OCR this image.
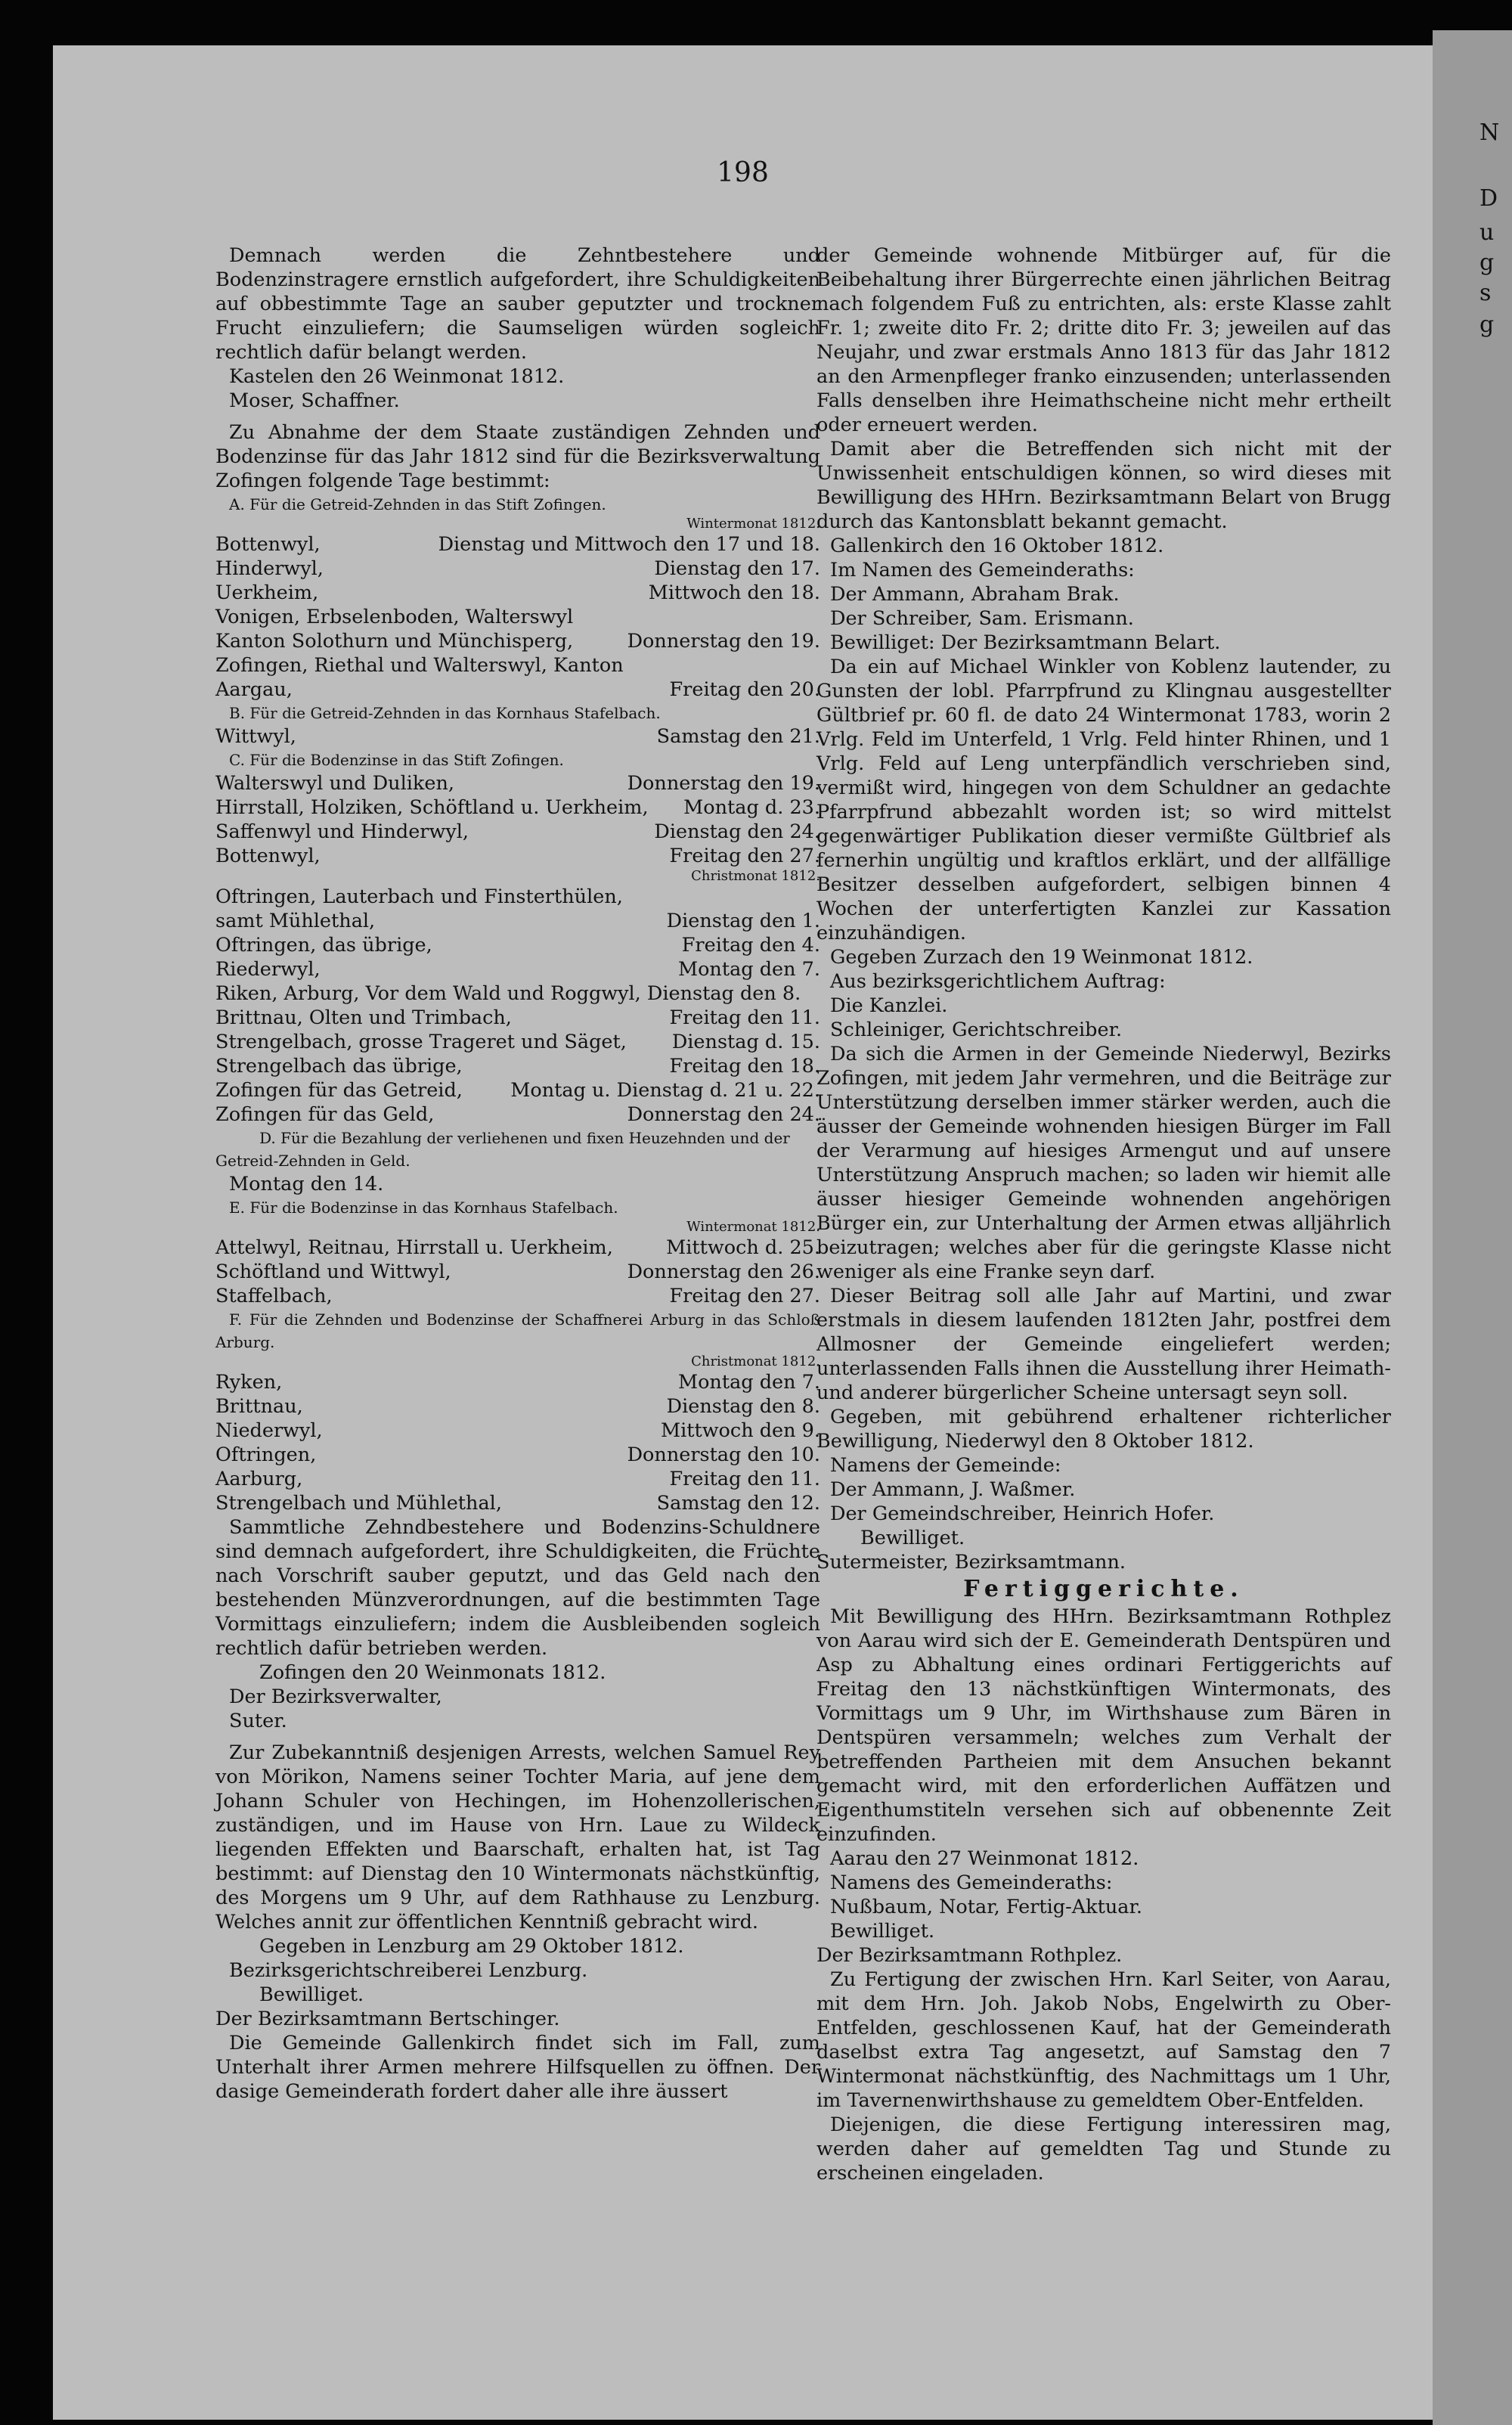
198

Demnach werden die Zehntbestehere und Bodenzinstragere ernstlich aufgefordert, ihre Schuldigkeiten auf obbestimmte Tage an sauber geputzter und trockner Frucht einzuliefern; die Saumseligen würden sogleich rechtlich dafür belangt werden.

Kastelen den 26 Weinmonat 1812.

Moser, Schaffner.

Zu Abnahme der dem Staate zuständigen Zehnden und Bodenzinse für das Jahr 1812 sind für die Bezirksverwaltung Zofingen folgende Tage bestimmt:

A. Für die Getreid-Zehnden in das Stift Zofingen.

Wintermonat 1812.
Bottenwyl,	Dienstag und Mittwoch den 17 und 18.
Hinderwyl,	Dienstag den 17.
Uerkheim,	Mittwoch den 18.
Vonigen, Erbselenboden, Walterswyl Kanton Solothurn und Münchisperg,	Donnerstag den 19.
Zofingen, Riethal und Walterswyl, Kanton Aargau,	Freitag den 20.

B. Für die Getreid-Zehnden in das Kornhaus Stafelbach.

Wittwyl,	Samstag den 21.

C. Für die Bodenzinse in das Stift Zofingen.

Walterswyl und Duliken,	Donnerstag den 19.
Hirrstall, Holziken, Schöftland u. Uerkheim, Montag d. 23.
Saffenwyl und Hinderwyl,	Dienstag den 24.
Bottenwyl,	Freitag den 27.
Christmonat 1812.
Oftringen, Lauterbach und Finsterthülen, samt Mühlethal,	Dienstag den 1.
Oftringen, das übrige,	Freitag den 4.
Riederwyl,	Montag den 7.
Riken, Arburg, Vor dem Wald und Roggwyl, Dienstag den 8.
Brittnau, Olten und Trimbach,	Freitag den 11.
Strengelbach, grosse Trageret und Säget, Dienstag d. 15.
Strengelbach das übrige,	Freitag den 18.
Zofingen für das Getreid, Montag u. Dienstag d. 21 u. 22.
Zofingen für das Geld,	Donnerstag den 24.

D. Für die Bezahlung der verliehenen und fixen Heuzehnden und der Getreid-Zehnden in Geld.

Montag den 14.

E. Für die Bodenzinse in das Kornhaus Stafelbach.

Wintermonat 1812.
Attelwyl, Reitnau, Hirrstall u. Uerkheim,	Mittwoch d. 25.
Schöftland und Wittwyl,	Donnerstag den 26.
Staffelbach,	Freitag den 27.

F. Für die Zehnden und Bodenzinse der Schaffnerei Arburg in das Schloß Arburg.

Christmonat 1812.
Ryken,	Montag den 7.
Brittnau,	Dienstag den 8.
Niederwyl,	Mittwoch den 9.
Oftringen,	Donnerstag den 10.
Aarburg,	Freitag den 11.
Strengelbach und Mühlethal,	Samstag den 12.

Sammtliche Zehndbestehere und Bodenzins-Schuldnere sind demnach aufgefordert, ihre Schuldigkeiten, die Früchte nach Vorschrift sauber geputzt, und das Geld nach den bestehenden Münzverordnungen, auf die bestimmten Tage Vormittags einzuliefern; indem die Ausbleibenden sogleich rechtlich dafür betrieben werden.

Zofingen den 20 Weinmonats 1812.

Der Bezirksverwalter,

Suter.

Zur Zubekanntniß desjenigen Arrests, welchen Samuel Rey von Mörikon, Namens seiner Tochter Maria, auf jene dem Johann Schuler von Hechingen, im Hohenzollerischen, zuständigen, und im Hause von Hrn. Laue zu Wildeck liegenden Effekten und Baarschaft, erhalten hat, ist Tag bestimmt: auf Dienstag den 10 Wintermonats nächstkünftig, des Morgens um 9 Uhr, auf dem Rathhause zu Lenzburg. Welches annit zur öffentlichen Kenntniß gebracht wird.

Gegeben in Lenzburg am 29 Oktober 1812.

Bezirksgerichtschreiberei Lenzburg.

Bewilliget.

Der Bezirksamtmann Bertschinger.

Die Gemeinde Gallenkirch findet sich im Fall, zum Unterhalt ihrer Armen mehrere Hilfsquellen zu öffnen. Der dasige Gemeinderath fordert daher alle ihre äussert

der Gemeinde wohnende Mitbürger auf, für die Beibehaltung ihrer Bürgerrechte einen jährlichen Beitrag nach folgendem Fuß zu entrichten, als: erste Klasse zahlt Fr. 1; zweite dito Fr. 2; dritte dito Fr. 3; jeweilen auf das Neujahr, und zwar erstmals Anno 1813 für das Jahr 1812 an den Armenpfleger franko einzusenden; unterlassenden Falls denselben ihre Heimathscheine nicht mehr ertheilt oder erneuert werden.

Damit aber die Betreffenden sich nicht mit der Unwissenheit entschuldigen können, so wird dieses mit Bewilligung des HHrn. Bezirksamtmann Belart von Brugg durch das Kantonsblatt bekannt gemacht.

Gallenkirch den 16 Oktober 1812.

Im Namen des Gemeinderaths:

Der Ammann, Abraham Brak.

Der Schreiber, Sam. Erismann.

Bewilliget: Der Bezirksamtmann Belart.

Da ein auf Michael Winkler von Koblenz lautender, zu Gunsten der lobl. Pfarrpfrund zu Klingnau ausgestellter Gültbrief pr. 60 fl. de dato 24 Wintermonat 1783, worin 2 Vrlg. Feld im Unterfeld, 1 Vrlg. Feld hinter Rhinen, und 1 Vrlg. Feld auf Leng unterpfändlich verschrieben sind, vermißt wird, hingegen von dem Schuldner an gedachte Pfarrpfrund abbezahlt worden ist; so wird mittelst gegenwärtiger Publikation dieser vermißte Gültbrief als fernerhin ungültig und kraftlos erklärt, und der allfällige Besitzer desselben aufgefordert, selbigen binnen 4 Wochen der unterfertigten Kanzlei zur Kassation einzuhändigen.

Gegeben Zurzach den 19 Weinmonat 1812.

Aus bezirksgerichtlichem Auftrag:

Die Kanzlei.

Schleiniger, Gerichtschreiber.

Da sich die Armen in der Gemeinde Niederwyl, Bezirks Zofingen, mit jedem Jahr vermehren, und die Beiträge zur Unterstützung derselben immer stärker werden, auch die äusser der Gemeinde wohnenden hiesigen Bürger im Fall der Verarmung auf hiesiges Armengut und auf unsere Unterstützung Anspruch machen; so laden wir hiemit alle äusser hiesiger Gemeinde wohnenden angehörigen Bürger ein, zur Unterhaltung der Armen etwas alljährlich beizutragen; welches aber für die geringste Klasse nicht weniger als eine Franke seyn darf.

Dieser Beitrag soll alle Jahr auf Martini, und zwar erstmals in diesem laufenden 1812ten Jahr, postfrei dem Allmosner der Gemeinde eingeliefert werden; unterlassenden Falls ihnen die Ausstellung ihrer Heimath- und anderer bürgerlicher Scheine untersagt seyn soll.

Gegeben, mit gebührend erhaltener richterlicher Bewilligung, Niederwyl den 8 Oktober 1812.

Namens der Gemeinde:

Der Ammann, J. Waßmer.

Der Gemeindschreiber, Heinrich Hofer.

Bewilliget.

Sutermeister, Bezirksamtmann.

Fertiggerichte.

Mit Bewilligung des HHrn. Bezirksamtmann Rothplez von Aarau wird sich der E. Gemeinderath Dentspüren und Asp zu Abhaltung eines ordinari Fertiggerichts auf Freitag den 13 nächstkünftigen Wintermonats, des Vormittags um 9 Uhr, im Wirthshause zum Bären in Dentspüren versammeln; welches zum Verhalt der betreffenden Partheien mit dem Ansuchen bekannt gemacht wird, mit den erforderlichen Auffätzen und Eigenthumstiteln versehen sich auf obbenennte Zeit einzufinden.

Aarau den 27 Weinmonat 1812.

Namens des Gemeinderaths:

Nußbaum, Notar, Fertig-Aktuar.

Bewilliget.

Der Bezirksamtmann Rothplez.

Zu Fertigung der zwischen Hrn. Karl Seiter, von Aarau, mit dem Hrn. Joh. Jakob Nobs, Engelwirth zu Ober-Entfelden, geschlossenen Kauf, hat der Gemeinderath daselbst extra Tag angesetzt, auf Samstag den 7 Wintermonat nächstkünftig, des Nachmittags um 1 Uhr, im Tavernenwirthshause zu gemeldtem Ober-Entfelden.

Diejenigen, die diese Fertigung interessiren mag, werden daher auf gemeldten Tag und Stunde zu erscheinen eingeladen.

N
D
u
g
s
g
